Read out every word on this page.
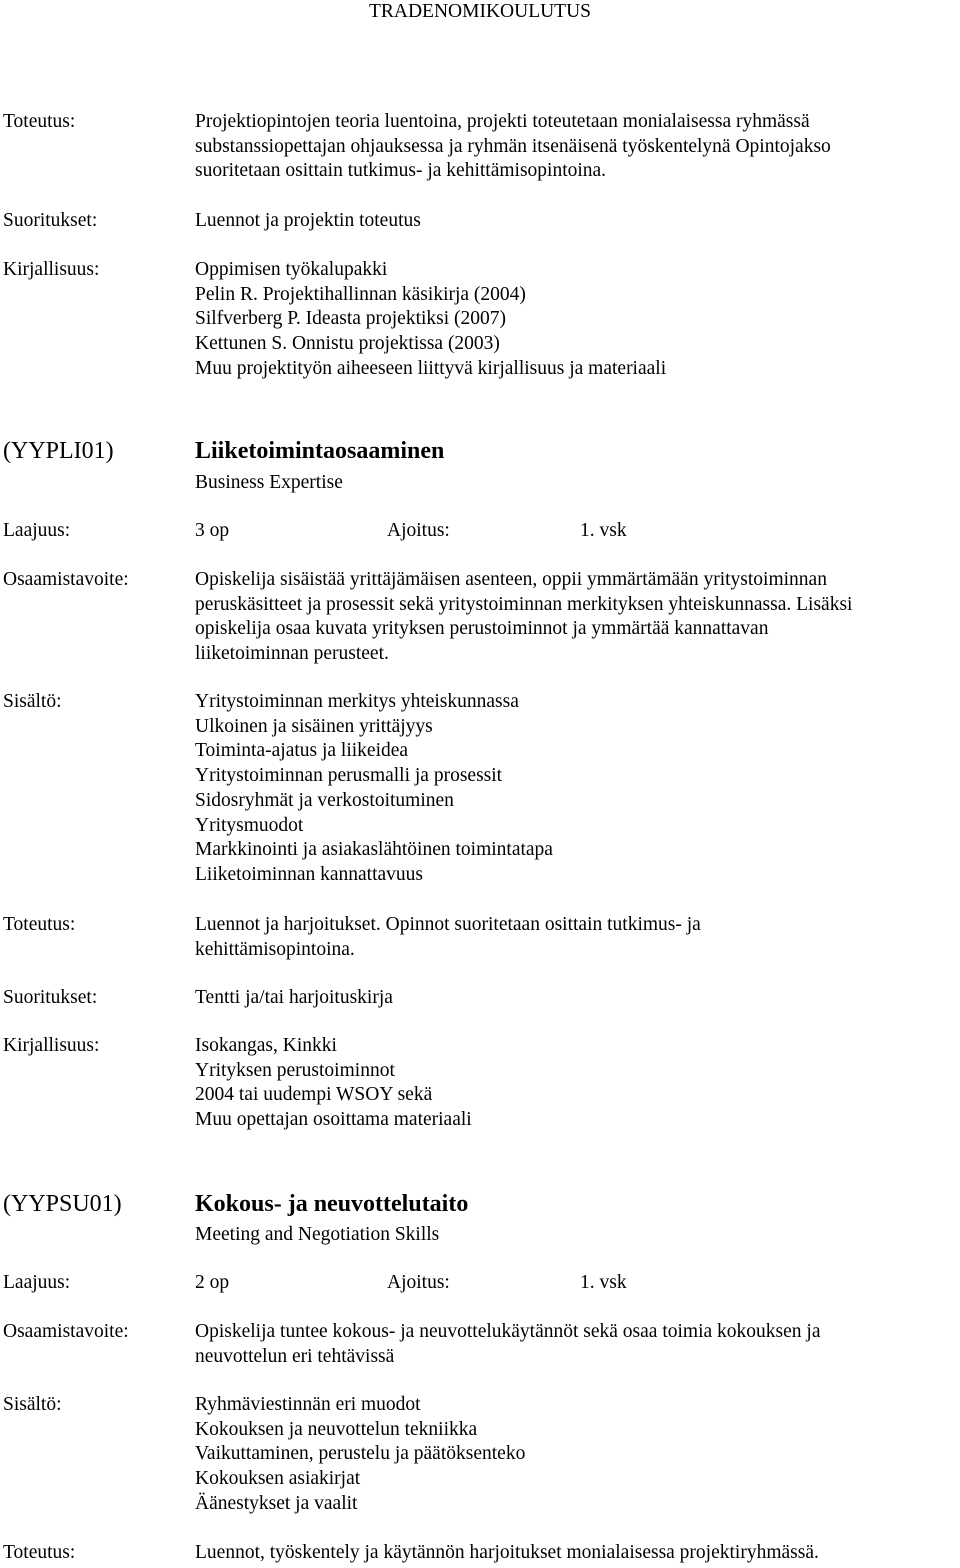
TRADENOMIKOULUTUS
Toteutus:	Projektiopintojen teoria luentoina, projekti toteutetaan monialaisessa ryhmässä
substanssiopettajan ohjauksessa ja ryhmän itsenäisenä työskentelynä Opintojakso
suoritetaan osittain tutkimus- ja kehittämisopintoina.
Suoritukset:	Luennot ja projektin toteutus
Kirjallisuus:	Oppimisen työkalupakki
Pelin R. Projektihallinnan käsikirja (2004)
Silfverberg P. Ideasta projektiksi (2007)
Kettunen S. Onnistu projektissa (2003)
Muu projektityön aiheeseen liittyvä kirjallisuus ja materiaali
(YYPLI01)	Liiketoimintaosaaminen
Business Expertise
Laajuus:	3 op	Ajoitus:	1. vsk
Osaamistavoite:	Opiskelija sisäistää yrittäjämäisen asenteen, oppii ymmärtämään yritystoiminnan
peruskäsitteet ja prosessit sekä yritystoiminnan merkityksen yhteiskunnassa. Lisäksi
opiskelija osaa kuvata yrityksen perustoiminnot ja ymmärtää kannattavan
liiketoiminnan perusteet.
Sisältö:	Yritystoiminnan merkitys yhteiskunnassa
Ulkoinen ja sisäinen yrittäjyys
Toiminta-ajatus ja liikeidea
Yritystoiminnan perusmalli ja prosessit
Sidosryhmät ja verkostoituminen
Yritysmuodot
Markkinointi ja asiakaslähtöinen toimintatapa
Liiketoiminnan kannattavuus
Toteutus:	Luennot ja harjoitukset. Opinnot suoritetaan osittain tutkimus- ja
kehittämisopintoina.
Suoritukset:	Tentti ja/tai harjoituskirja
Kirjallisuus:	Isokangas, Kinkki
Yrityksen perustoiminnot
2004 tai uudempi WSOY sekä
Muu opettajan osoittama materiaali
(YYPSU01)	Kokous- ja neuvottelutaito
Meeting and Negotiation Skills
Laajuus:	2 op	Ajoitus:	1. vsk
Osaamistavoite:	Opiskelija tuntee kokous- ja neuvottelukäytännöt sekä osaa toimia kokouksen ja
neuvottelun eri tehtävissä
Sisältö:	Ryhmäviestinnän eri muodot
Kokouksen ja neuvottelun tekniikka
Vaikuttaminen, perustelu ja päätöksenteko
Kokouksen asiakirjat
Äänestykset ja vaalit
Toteutus:	Luennot, työskentely ja käytännön harjoitukset monialaisessa projektiryhmässä.
